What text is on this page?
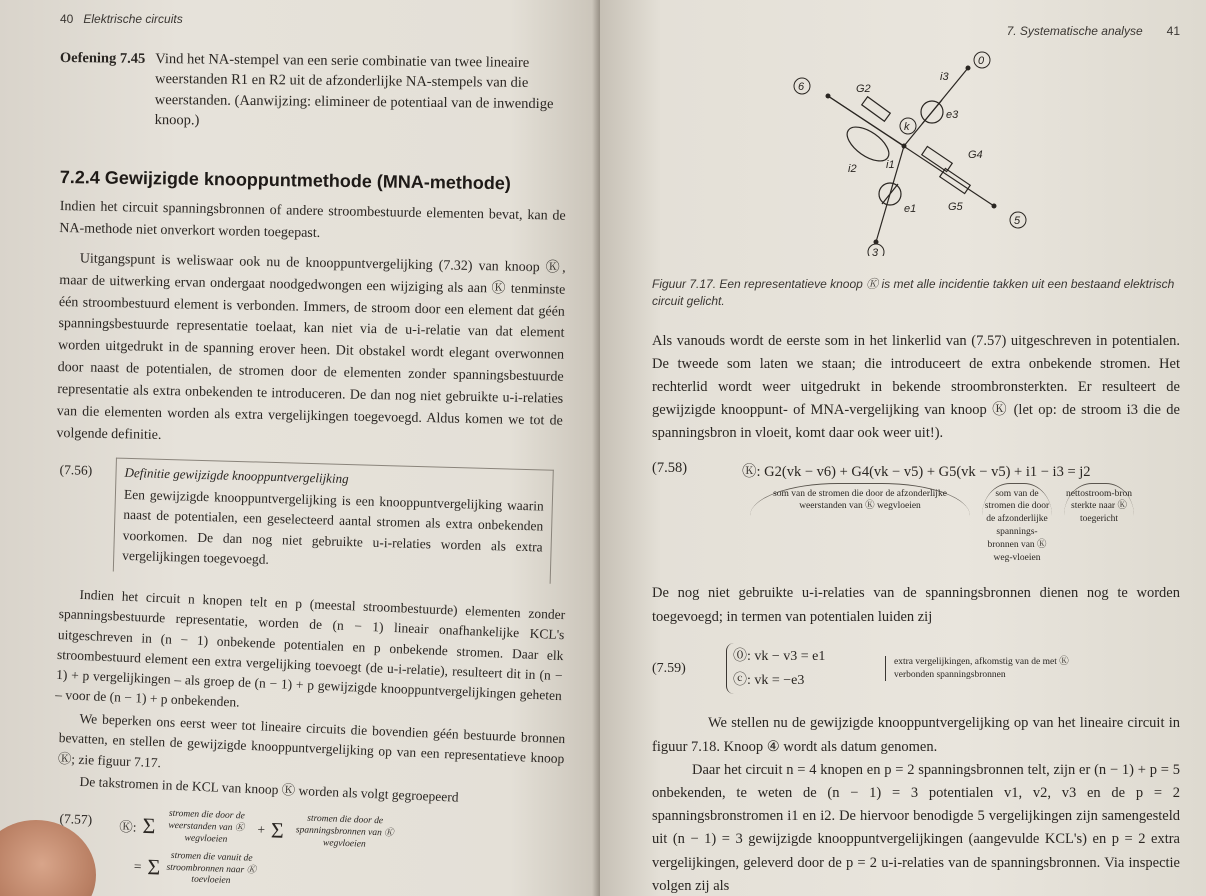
40 Elektrische circuits
Oefening 7.45 Vind het NA-stempel van een serie combinatie van twee lineaire weerstanden R1 en R2 uit de afzonderlijke NA-stempels van die weerstanden. (Aanwijzing: elimineer de potentiaal van de inwendige knoop.)

7.2.4 Gewijzigde knooppuntmethode (MNA-methode)
Indien het circuit spanningsbronnen of andere stroombestuurde elementen bevat, kan de NA-methode niet onverkort worden toegepast.
Uitgangspunt is weliswaar ook nu de knooppuntvergelijking (7.32) van knoop Ⓚ, maar de uitwerking ervan ondergaat noodgedwongen een wijziging als aan Ⓚ tenminste één stroombestuurd element is verbonden. Immers, de stroom door een element dat géén spanningsbestuurde representatie toelaat, kan niet via de u-i-relatie van dat element worden uitgedrukt in de spanning erover heen. Dit obstakel wordt elegant overwonnen door naast de potentialen, de stromen door de elementen zonder spanningsbestuurde representatie als extra onbekenden te introduceren. De dan nog niet gebruikte u-i-relaties van die elementen worden als extra vergelijkingen toegevoegd. Aldus komen we tot de volgende definitie.
(7.56)	Definitie gewijzigde knooppuntvergelijking
Een gewijzigde knooppuntvergelijking is een knooppuntvergelijking waarin naast de potentialen, een geselecteerd aantal stromen als extra onbekenden voorkomen. De dan nog niet gebruikte u-i-relaties worden als extra vergelijkingen toegevoegd.
Indien het circuit n knopen telt en p (meestal stroombestuurde) elementen zonder spanningsbestuurde representatie, worden de (n − 1) lineair onafhankelijke KCL's uitgeschreven in (n − 1) onbekende potentialen en p onbekende stromen. Daar elk stroombestuurd element een extra vergelijking toevoegt (de u-i-relatie), resulteert dit in (n − 1) + p vergelijkingen – als groep de (n − 1) + p gewijzigde knooppuntvergelijkingen geheten – voor de (n − 1) + p onbekenden.
We beperken ons eerst weer tot lineaire circuits die bovendien géén bestuurde bronnen bevatten, en stellen de gewijzigde knooppuntvergelijking op van een representatieve knoop Ⓚ; zie figuur 7.17.
De takstromen in de KCL van knoop Ⓚ worden als volgt gegroepeerd
(7.57)	Ⓚ: Σ	stromen die door de weerstanden van Ⓚ wegvloeien
+ Σ	stromen die door de spanningsbronnen van Ⓚ wegvloeien
= Σ	stromen die vanuit de stroombronnen naar Ⓚ toevloeien
7. Systematische analyse 41
0
6
k
5
3
G2
G4
G5
e3
e1
i3
i1
i2
Figuur 7.17. Een representatieve knoop Ⓚ is met alle incidentie takken uit een bestaand elektrisch circuit gelicht.
Als vanouds wordt de eerste som in het linkerlid van (7.57) uitgeschreven in potentialen. De tweede som laten we staan; die introduceert de extra onbekende stromen. Het rechterlid wordt weer uitgedrukt in bekende stroombronsterkten. Er resulteert de gewijzigde knooppunt- of MNA-vergelijking van knoop Ⓚ (let op: de stroom i3 die de spanningsbron in vloeit, komt daar ook weer uit!).
(7.58)	Ⓚ: G2(vk − v6) + G4(vk − v5) + G5(vk − v5) + i1 − i3 = j2
som van de stromen die door de afzonderlijke weerstanden van Ⓚ wegvloeien
som van de stromen die door de afzonderlijke spannings-bronnen van Ⓚ weg-vloeien
nettostroom-bron sterkte naar Ⓚ toegericht
De nog niet gebruikte u-i-relaties van de spanningsbronnen dienen nog te worden toegevoegd; in termen van potentialen luiden zij
(7.59)
⓪: vk − v3 = e1
ⓒ: vk = −e3
extra vergelijkingen, afkomstig van de met Ⓚ verbonden spanningsbronnen
We stellen nu de gewijzigde knooppuntvergelijking op van het lineaire circuit in figuur 7.18. Knoop ④ wordt als datum genomen.
Daar het circuit n = 4 knopen en p = 2 spanningsbronnen telt, zijn er (n − 1) + p = 5 onbekenden, te weten de (n − 1) = 3 potentialen v1, v2, v3 en de p = 2 spanningsbronstromen i1 en i2. De hiervoor benodigde 5 vergelijkingen zijn samengesteld uit (n − 1) = 3 gewijzigde knooppuntvergelijkingen (aangevulde KCL's) en p = 2 extra vergelijkingen, geleverd door de p = 2 u-i-relaties van de spanningsbronnen. Via inspectie volgen zij als
